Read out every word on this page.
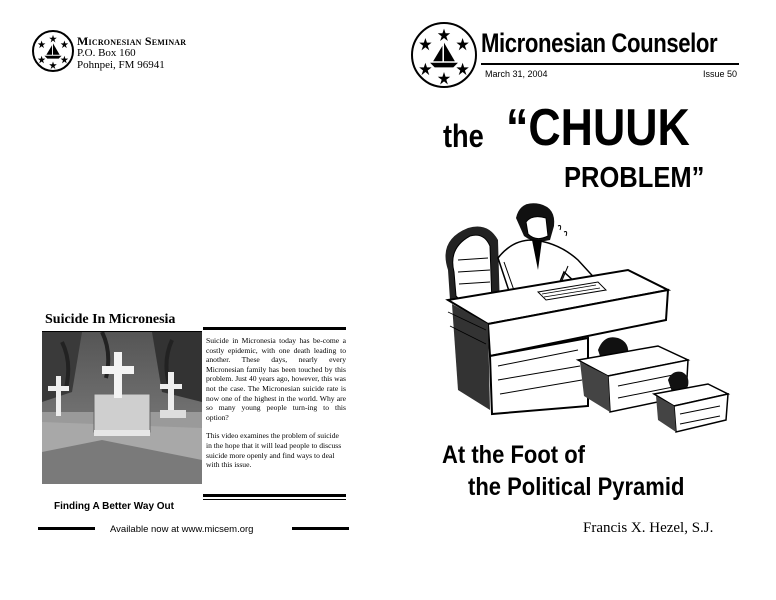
Micronesian Seminar
P.O. Box 160
Pohnpei, FM 96941
Micronesian Counselor
March 31, 2004	Issue 50
the “CHUUK
PROBLEM”
At the Foot of
the Political Pyramid
Francis X. Hezel, S.J.
Suicide In Micronesia

Suicide in Micronesia today has be-come a costly epidemic, with one death leading to another. These days, nearly every Micronesian family has been touched by this problem. Just 40 years ago, however, this was not the case. The Micronesian suicide rate is now one of the highest in the world. Why are so many young people turn-ing to this option?

This video examines the problem of suicide in the hope that it will lead people to discuss suicide more openly and find ways to deal with this issue.

Finding A Better Way Out
Available now at www.micsem.org
